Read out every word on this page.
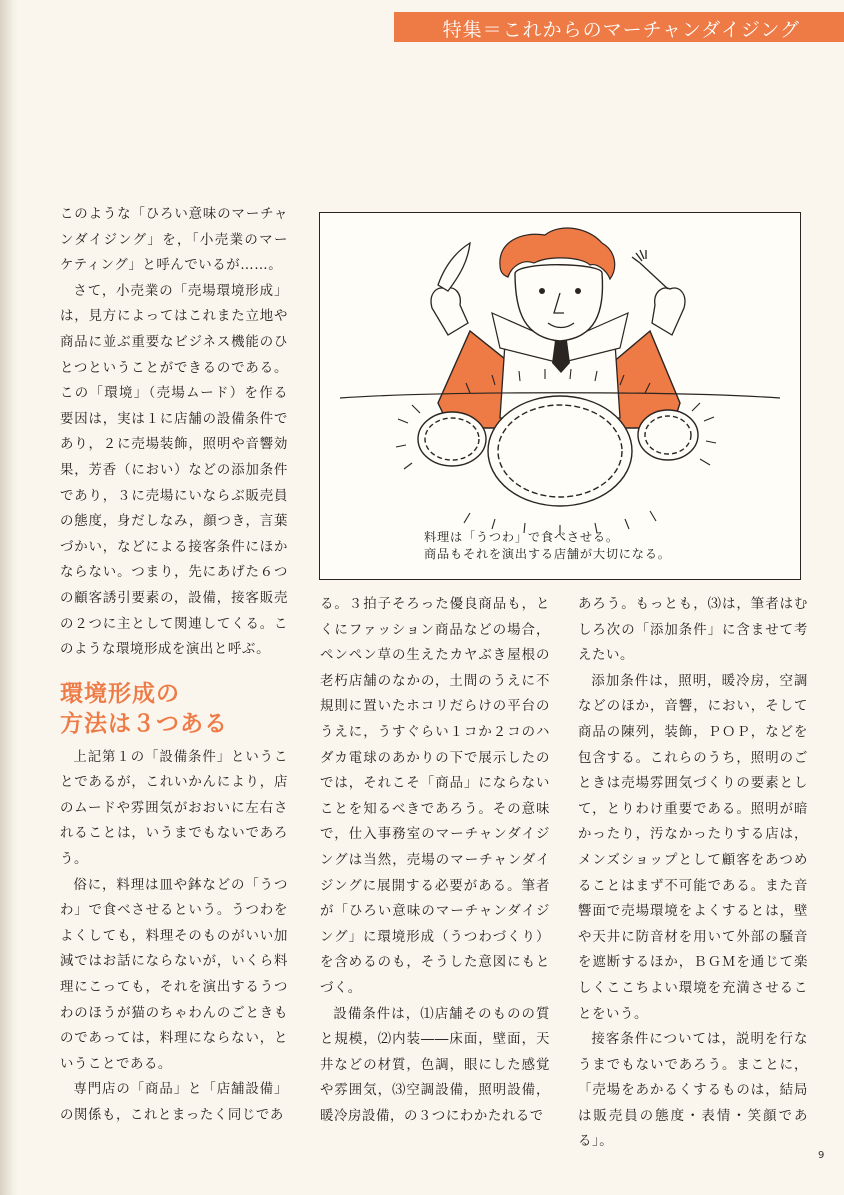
特集＝これからのマーチャンダイジング

このような「ひろい意味のマーチャンダイジング」を，「小売業のマーケティング」と呼んでいるが……。

さて，小売業の「売場環境形成」は，見方によってはこれまた立地や商品に並ぶ重要なビジネス機能のひとつということができるのである。この「環境」（売場ムード）を作る要因は，実は１に店舗の設備条件であり，２に売場装飾，照明や音響効果，芳香（におい）などの添加条件であり，３に売場にいならぶ販売員の態度，身だしなみ，顔つき，言葉づかい，などによる接客条件にほかならない。つまり，先にあげた６つの顧客誘引要素の，設備，接客販売の２つに主として関連してくる。このような環境形成を演出と呼ぶ。

環境形成の
方法は３つある

上記第１の「設備条件」ということであるが，これいかんにより，店のムードや雰囲気がおおいに左右されることは，いうまでもないであろう。

俗に，料理は皿や鉢などの「うつわ」で食べさせるという。うつわをよくしても，料理そのものがいい加減ではお話にならないが，いくら料理にこっても，それを演出するうつわのほうが猫のちゃわんのごときものであっては，料理にならない，ということである。

専門店の「商品」と「店舗設備」の関係も，これとまったく同じであ

料理は「うつわ」で食べさせる。
商品もそれを演出する店舗が大切になる。

る。３拍子そろった優良商品も，とくにファッション商品などの場合，ペンペン草の生えたカヤぶき屋根の老朽店舗のなかの，土間のうえに不規則に置いたホコリだらけの平台のうえに，うすぐらい１コか２コのハダカ電球のあかりの下で展示したのでは，それこそ「商品」にならないことを知るべきであろう。その意味で，仕入事務室のマーチャンダイジングは当然，売場のマーチャンダイジングに展開する必要がある。筆者が「ひろい意味のマーチャンダイジング」に環境形成（うつわづくり）を含めるのも，そうした意図にもとづく。

設備条件は，⑴店舗そのものの質と規模，⑵内装――床面，壁面，天井などの材質，色調，眼にした感覚や雰囲気，⑶空調設備，照明設備，暖冷房設備，の３つにわかたれるで

あろう。もっとも，⑶は，筆者はむしろ次の「添加条件」に含ませて考えたい。

添加条件は，照明，暖冷房，空調などのほか，音響，におい，そして商品の陳列，装飾，ＰＯＰ，などを包含する。これらのうち，照明のごときは売場雰囲気づくりの要素として，とりわけ重要である。照明が暗かったり，汚なかったりする店は，メンズショップとして顧客をあつめることはまず不可能である。また音響面で売場環境をよくするとは，壁や天井に防音材を用いて外部の騒音を遮断するほか，ＢＧＭを通じて楽しくここちよい環境を充満させることをいう。

接客条件については，説明を行なうまでもないであろう。まことに，「売場をあかるくするものは，結局は販売員の態度・表情・笑顔である」。

9
